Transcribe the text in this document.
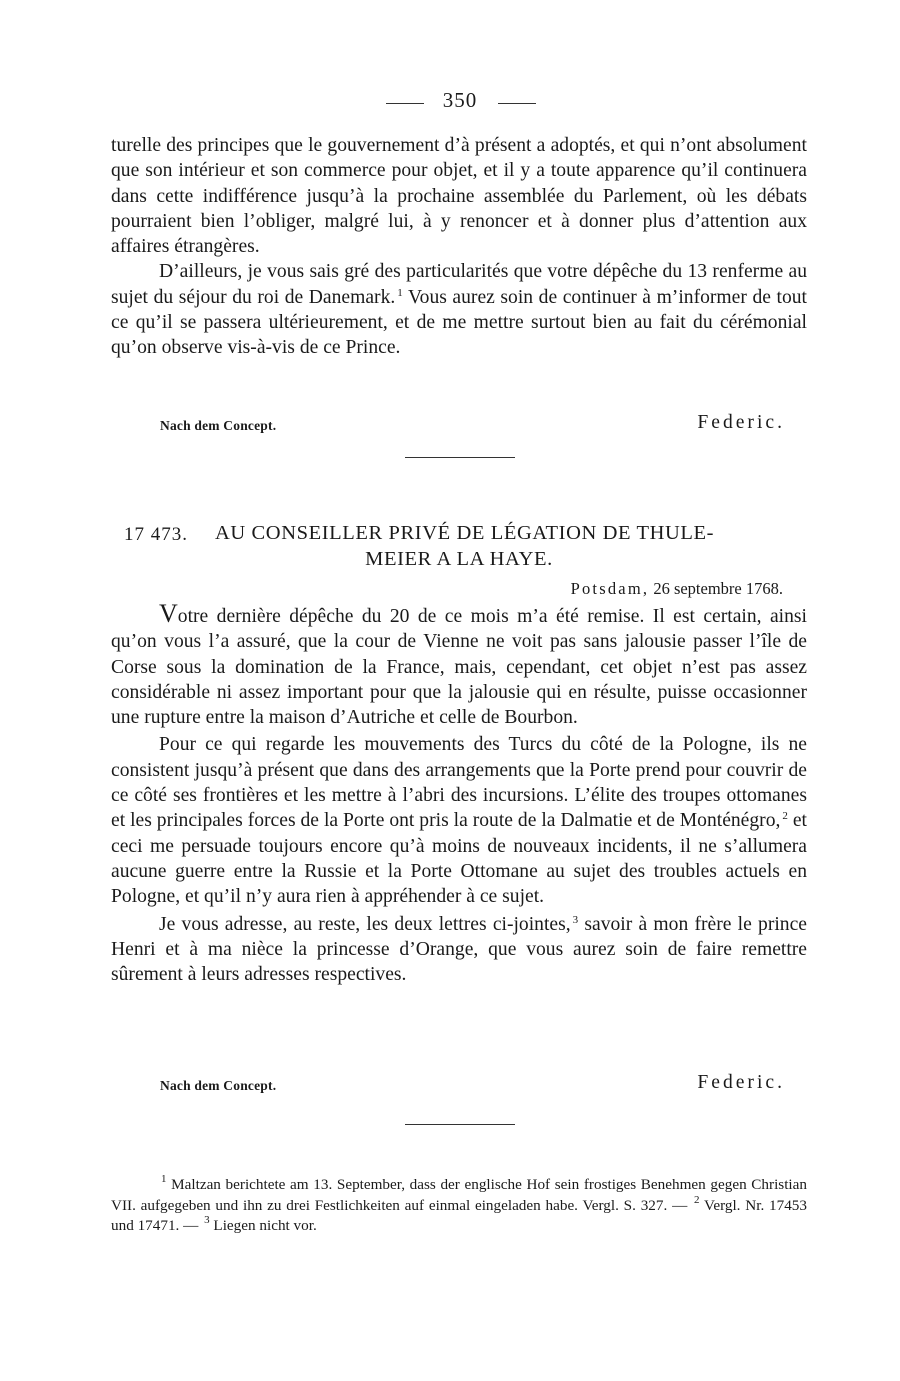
350

turelle des principes que le gouvernement d’à présent a adoptés, et qui n’ont absolument que son intérieur et son commerce pour objet, et il y a toute apparence qu’il continuera dans cette indifférence jusqu’à la prochaine assemblée du Parlement, où les débats pourraient bien l’obliger, malgré lui, à y renoncer et à donner plus d’attention aux affaires étrangères.

D’ailleurs, je vous sais gré des particularités que votre dépêche du 13 renferme au sujet du séjour du roi de Danemark. $^1$ Vous aurez soin de continuer à m’informer de tout ce qu’il se passera ultérieurement, et de me mettre surtout bien au fait du cérémonial qu’on observe vis-à-vis de ce Prince.

Nach dem Concept.	Federic.
17 473. AU CONSEILLER PRIVÉ DE LÉGATION DE THULE-
MEIER A LA HAYE.
Potsdam, 26 septembre 1768.

Votre dernière dépêche du 20 de ce mois m’a été remise. Il est certain, ainsi qu’on vous l’a assuré, que la cour de Vienne ne voit pas sans jalousie passer l’île de Corse sous la domination de la France, mais, cependant, cet objet n’est pas assez considérable ni assez important pour que la jalousie qui en résulte, puisse occasionner une rupture entre la maison d’Autriche et celle de Bourbon.

Pour ce qui regarde les mouvements des Turcs du côté de la Pologne, ils ne consistent jusqu’à présent que dans des arrangements que la Porte prend pour couvrir de ce côté ses frontières et les mettre à l’abri des incursions. L’élite des troupes ottomanes et les principales forces de la Porte ont pris la route de la Dalmatie et de Monténégro, $^2$ et ceci me persuade toujours encore qu’à moins de nouveaux incidents, il ne s’allumera aucune guerre entre la Russie et la Porte Ottomane au sujet des troubles actuels en Pologne, et qu’il n’y aura rien à appréhender à ce sujet.

Je vous adresse, au reste, les deux lettres ci-jointes, $^3$ savoir à mon frère le prince Henri et à ma nièce la princesse d’Orange, que vous aurez soin de faire remettre sûrement à leurs adresses respectives.

Nach dem Concept.	Federic.

$^1$ Maltzan berichtete am 13. September, dass der englische Hof sein frostiges Benehmen gegen Christian VII. aufgegeben und ihn zu drei Festlichkeiten auf einmal eingeladen habe. Vergl. S. 327. — $^2$ Vergl. Nr. 17453 und 17471. — $^3$ Liegen nicht vor.
